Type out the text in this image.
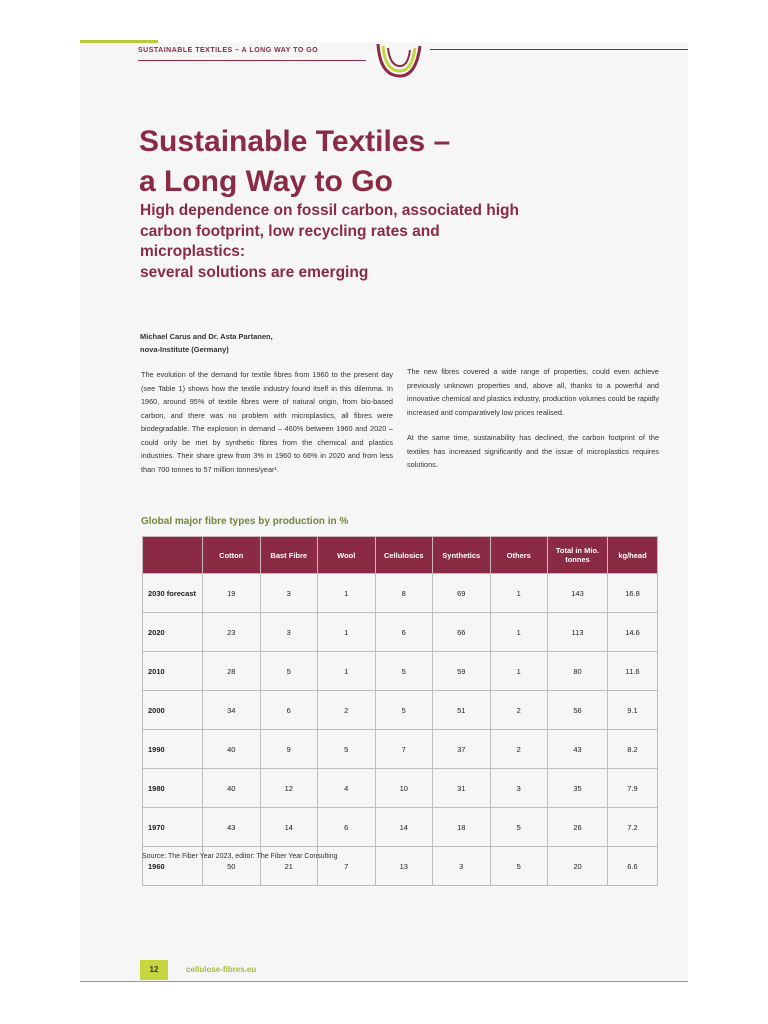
SUSTAINABLE TEXTILES – A LONG WAY TO GO
Sustainable Textiles –
a Long Way to Go
High dependence on fossil carbon, associated high
carbon footprint, low recycling rates and microplastics:
several solutions are emerging
Michael Carus and Dr. Asta Partanen,
nova-Institute (Germany)

The evolution of the demand for textile fibres from 1960 to the present day (see Table 1) shows how the textile industry found itself in this dilemma. In 1960, around 95% of textile fibres were of natural origin, from bio-based carbon, and there was no problem with microplastics, all fibres were biodegradable. The explosion in demand – 460% between 1960 and 2020 – could only be met by synthetic fibres from the chemical and plastics industries. Their share grew from 3% in 1960 to 66% in 2020 and from less than 700 tonnes to 57 million tonnes/year¹.

The new fibres covered a wide range of properties, could even achieve previously unknown properties and, above all, thanks to a powerful and innovative chemical and plastics industry, production volumes could be rapidly increased and comparatively low prices realised.

At the same time, sustainability has declined, the carbon footprint of the textiles has increased significantly and the issue of microplastics requires solutions.

Global major fibre types by production in %
	Cotton	Bast Fibre	Wool	Cellulosics	Synthetics	Others	Total in Mio. tonnes	kg/head
2030 forecast	19	3	1	8	69	1	143	16.8
2020	23	3	1	6	66	1	113	14.6
2010	28	5	1	5	59	1	80	11.6
2000	34	6	2	5	51	2	56	9.1
1990	40	9	5	7	37	2	43	8.2
1980	40	12	4	10	31	3	35	7.9
1970	43	14	6	14	18	5	26	7.2
1960	50	21	7	13	3	5	20	6.6
Source: The Fiber Year 2023, editor: The Fiber Year Consulting
12	cellulose-fibres.eu
